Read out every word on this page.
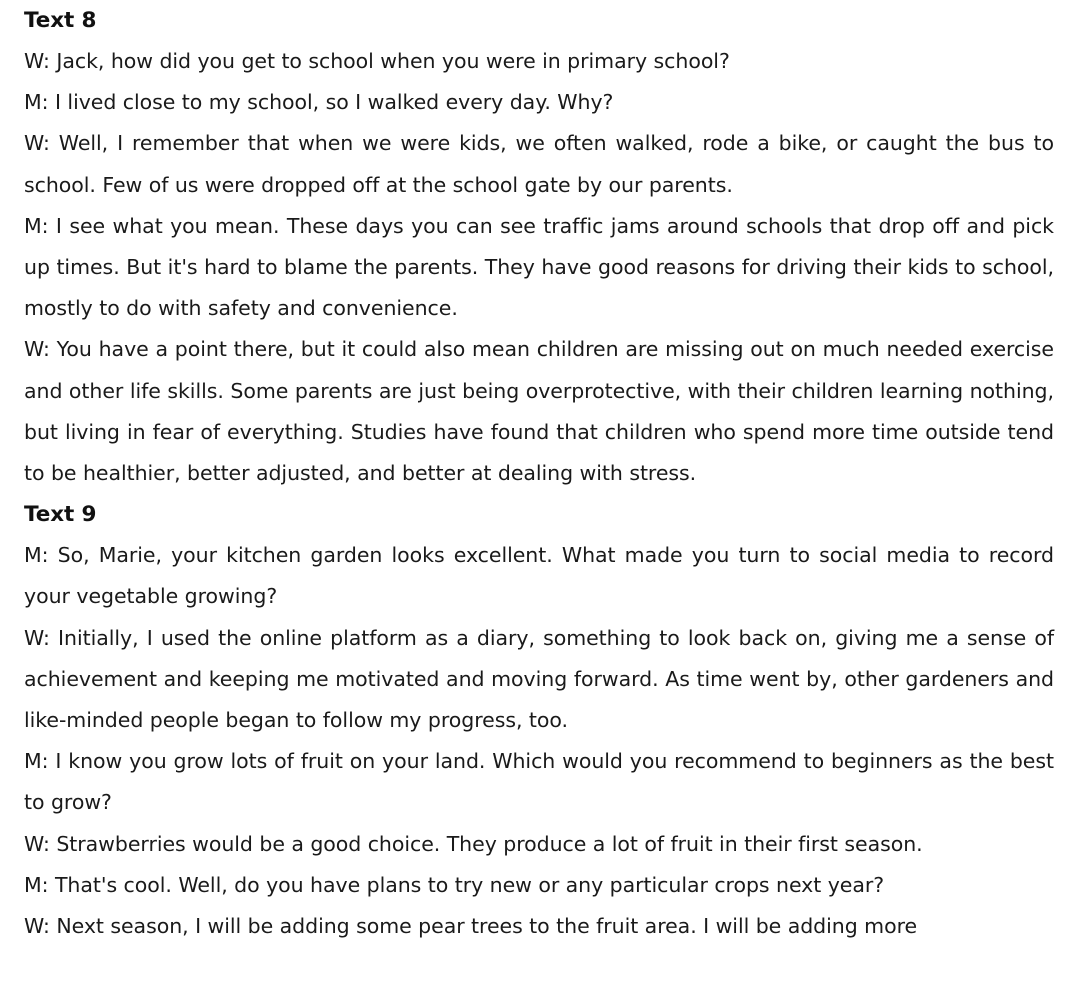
Text 8

W: Jack, how did you get to school when you were in primary school?

M: I lived close to my school, so I walked every day. Why?

W: Well, I remember that when we were kids, we often walked, rode a bike, or caught the bus to school. Few of us were dropped off at the school gate by our parents.

M: I see what you mean. These days you can see traffic jams around schools that drop off and pick up times. But it's hard to blame the parents. They have good reasons for driving their kids to school, mostly to do with safety and convenience.

W: You have a point there, but it could also mean children are missing out on much needed exercise and other life skills. Some parents are just being overprotective, with their children learning nothing, but living in fear of everything. Studies have found that children who spend more time outside tend to be healthier, better adjusted, and better at dealing with stress.

Text 9

M: So, Marie, your kitchen garden looks excellent. What made you turn to social media to record your vegetable growing?

W: Initially, I used the online platform as a diary, something to look back on, giving me a sense of achievement and keeping me motivated and moving forward. As time went by, other gardeners and like-minded people began to follow my progress, too.

M: I know you grow lots of fruit on your land. Which would you recommend to beginners as the best to grow?

W: Strawberries would be a good choice. They produce a lot of fruit in their first season.

M: That's cool. Well, do you have plans to try new or any particular crops next year?

W: Next season, I will be adding some pear trees to the fruit area. I will be adding more
